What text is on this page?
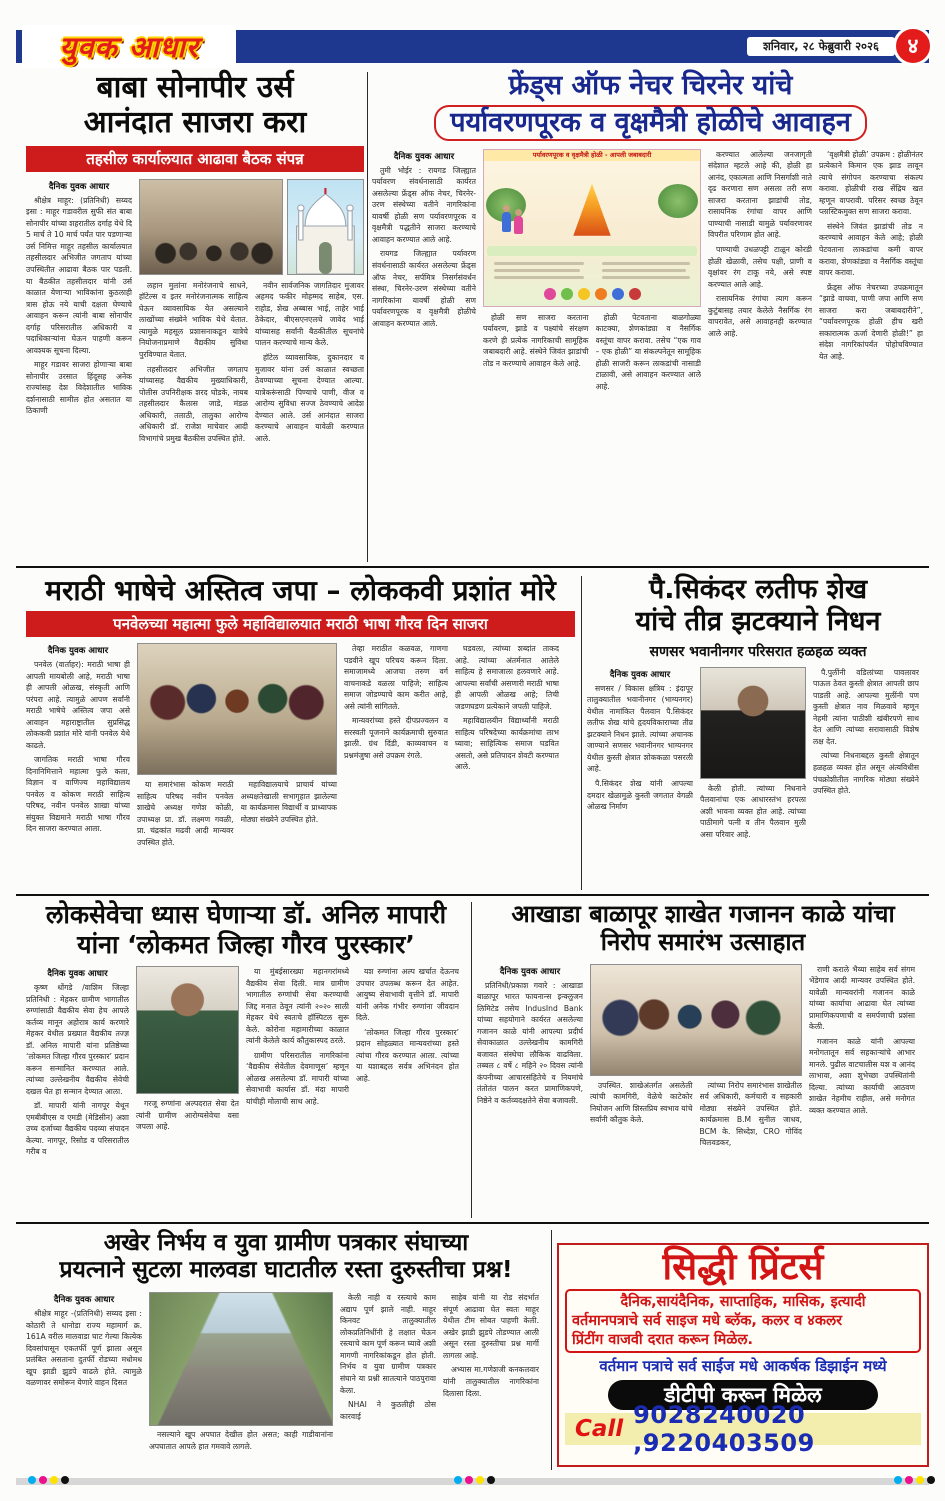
युवक आधार	शनिवार, २८ फेब्रुवारी २०२६	४
बाबा सोनापीर उर्स
आनंदात साजरा करा
तहसील कार्यालयात आढावा बैठक संपन्न
दैनिक युवक आधार

श्रीक्षेत्र माहूर: (प्रतिनिधी) सय्यद इसा : माहूर गडावरील सुफी संत बाबा सोनापीर यांच्या शहरातील दर्गाह येथे दि 5 मार्च ते 10 मार्च पर्यंत पार पडणाऱ्या उर्स निमित्त माहूर तहसील कार्यालयात तहसीलदार अभिजीत जगताप यांच्या उपस्थितीत आढावा बैठक पार पडली. या बैठकीत तहसीलदार यांनी उर्स काळात येणाऱ्या भाविकांना कुठलाही त्रास होऊ नये याची दक्षता घेण्याचे आवाहन करून त्यांनी बाबा सोनापीर दर्गाह परिसरातील अधिकारी व पदाधिकाऱ्यांना घेऊन पाहणी करून आवश्यक सूचना दिल्या.

माहूर गडावर साजरा होणाऱ्या बाबा सोनापीर उरसात हिंदूसह अनेक राज्यांसह देश विदेशातील भाविक दर्शनासाठी सामील होत असतात या ठिकाणी

लहान मुलांना मनोरंजनाचे साधने, हॉटेल्स व इतर मनोरंजनात्मक साहित्य घेऊन व्यावसायिक येत असल्याने लाखोंच्या संख्येने भाविक येथे येतात. त्यामुळे महसूल प्रशासनाकडून यात्रेचे नियोजनाप्रमाणे वैद्यकीय सुविधा पुरविण्यात येतात.

तहसीलदार अभिजीत जगताप यांच्यासह वैद्यकीय मुख्याधिकारी, पोलीस उपनिरीक्षक शरद घोडके, नायब तहसीलदार कैलास जाडे, मंडळ अधिकारी, तलाठी, तालुका आरोग्य अधिकारी डॉ. राजेश माचेवार आदी विभागांचे प्रमुख बैठकीस उपस्थित होते.

नवीन सार्वजनिक जागतिदार मुजावर अहमद फकीर मोहम्मद साहेब, एस. राहोड, शेख अब्बास भाई, ताहेर भाई ठेकेदार, बीएसएनएलचे जावेद भाई यांच्यासह सर्वांनी बैठकीतील सूचनांचे पालन करण्याचे मान्य केले.

हॉटेल व्यावसायिक, दुकानदार व मुजावर यांना उर्स काळात स्वच्छता ठेवण्याच्या सूचना देण्यात आल्या. यात्रेकरूंसाठी पिण्याचे पाणी, वीज व आरोग्य सुविधा सज्ज ठेवण्याचे आदेश देण्यात आले. उर्स आनंदात साजरा करण्याचे आवाहन यावेळी करण्यात आले.

फ्रेंड्स ऑफ नेचर चिरनेर यांचे
पर्यावरणपूरक व वृक्षमैत्री होळीचे आवाहन
दैनिक युवक आधार

तुमी भोईर : रायगड जिल्ह्यात पर्यावरण संवर्धनासाठी कार्यरत असलेल्या फ्रेंड्स ऑफ नेचर, चिरनेर-उरण संस्थेच्या वतीने नागरिकांना यावर्षी होळी सण पर्यावरणपूरक व वृक्षमैत्री पद्धतीने साजरा करण्याचे आवाहन करण्यात आले आहे.

रायगड जिल्ह्यात पर्यावरण संवर्धनासाठी कार्यरत असलेल्या फ्रेंड्स ऑफ नेचर, सर्पमित्र निसर्गसंवर्धन संस्था, चिरनेर-उरण संस्थेच्या वतीने नागरिकांना यावर्षी होळी सण पर्यावरणपूरक व वृक्षमैत्री होळीचे आवाहन करण्यात आले.

पर्यावरणपूरक व वृक्षमैत्री होळी - आपली जबाबदारी

होळी सण साजरा करताना पर्यावरण, झाडे व पक्ष्यांचे संरक्षण करणे ही प्रत्येक नागरिकाची सामूहिक जबाबदारी आहे. संस्थेने जिवंत झाडांची तोड न करण्याचे आवाहन केले आहे.

होळी पेटवताना बाळगोळ्या काटक्या, शेणकांड्या व नैसर्गिक वस्तूंचा वापर करावा. तसेच “एक गाव – एक होळी” या संकल्पनेतून सामूहिक होळी साजरी करून लाकडांची नासाडी टाळावी, असे आवाहन करण्यात आले आहे.

करण्यात आलेल्या जनजागृती संदेशात म्हटले आहे की, होळी हा आनंद, एकात्मता आणि निसर्गाशी नाते दृढ करणारा सण असला तरी सण साजरा करताना झाडांची तोड, रासायनिक रंगांचा वापर आणि पाण्याची नासाडी यामुळे पर्यावरणावर विपरीत परिणाम होत आहे.

पाण्याची उधळपट्टी टाळून कोरडी होळी खेळावी, तसेच पक्षी, प्राणी व वृक्षांवर रंग टाकू नये, असे स्पष्ट करण्यात आले आहे.

रासायनिक रंगांचा त्याग करून कुटुंबासह तयार केलेले नैसर्गिक रंग वापरावेत, असे आवाहनही करण्यात आले आहे.

‘वृक्षमैत्री होळी’ उपक्रम : होळीनंतर प्रत्येकाने किमान एक झाड लावून त्याचे संगोपन करण्याचा संकल्प करावा. होळीची राख सेंद्रिय खत म्हणून वापरावी. परिसर स्वच्छ ठेवून प्लास्टिकमुक्त सण साजरा करावा.

संस्थेने जिवंत झाडांची तोड न करण्याचे आवाहन केले आहे; होळी पेटवताना लाकडांचा कमी वापर करावा, शेणकांड्या व नैसर्गिक वस्तूंचा वापर करावा.

फ्रेंड्स ऑफ नेचरच्या उपक्रमातून “झाडे वाचवा, पाणी जपा आणि सण साजरा करा जबाबदारीने”, “पर्यावरणपूरक होळी हीच खरी सकारात्मक ऊर्जा देणारी होळी!” हा संदेश नागरिकांपर्यंत पोहोचविण्यात येत आहे.

मराठी भाषेचे अस्तित्व जपा – लोककवी प्रशांत मोरे
पनवेलच्या महात्मा फुले महाविद्यालयात मराठी भाषा गौरव दिन साजरा
दैनिक युवक आधार

पनवेल (वार्ताहर): मराठी भाषा ही आपली मायबोली आहे, मराठी भाषा ही आपली ओळख, संस्कृती आणि परंपरा आहे. त्यामुळे आपण सर्वांनी मराठी भाषेचे अस्तित्व जपा असे आवाहन महाराष्ट्रातील सुप्रसिद्ध लोककवी प्रशांत मोरे यांनी पनवेल येथे काढले.

जागतिक मराठी भाषा गौरव दिनानिमित्ताने महात्मा फुले कला, विज्ञान व वाणिज्य महाविद्यालय पनवेल व कोकण मराठी साहित्य परिषद, नवीन पनवेल शाखा यांच्या संयुक्त विद्यमाने मराठी भाषा गौरव दिन साजरा करण्यात आला.

या समारंभास कोकण मराठी साहित्य परिषद नवीन पनवेल शाखेचे अध्यक्ष गणेश कोळी, उपाध्यक्ष प्रा. डॉ. लक्ष्मण गवळी, प्रा. चंद्रकांत मढवी आदी मान्यवर उपस्थित होते.

महाविद्यालयाचे प्राचार्य यांच्या अध्यक्षतेखाली सभागृहात झालेल्या या कार्यक्रमास विद्यार्थी व प्राध्यापक मोठ्या संख्येने उपस्थित होते.

तेव्हा मराठीत कळवळ, गाणगा पडवीने खूप परिचय करून दिला. समाजामध्ये आजचा तरुण वर्ग वाचनाकडे वळला पाहिजे; साहित्य समाज जोडण्याचे काम करीत आहे, असे त्यांनी सांगितले.

मान्यवरांच्या हस्ते दीपप्रज्वलन व सरस्वती पूजनाने कार्यक्रमाची सुरुवात झाली. ग्रंथ दिंडी, काव्यवाचन व प्रश्नमंजुषा असे उपक्रम रंगले.

घडवला, त्यांच्या शब्दांत ताकद आहे. त्यांच्या अंतर्मनात आलेले साहित्य हे समाजाला हलवणारे आहे. आपल्या सर्वांची असणारी मराठी भाषा ही आपली ओळख आहे; तिची जडणघडण प्रत्येकाने जपली पाहिजे.

महाविद्यालयीन विद्यार्थ्यांनी मराठी साहित्य परिषदेच्या कार्यक्रमांचा लाभ घ्यावा; साहित्यिक समाज घडवित असतो, असे प्रतिपादन शेवटी करण्यात आले.

पै.सिकंदर लतीफ शेख
यांचे तीव्र झटक्याने निधन
सणसर भवानीनगर परिसरात हळहळ व्यक्त
दैनिक युवक आधार

सणसर / विकास क्षत्रिय : इंदापूर तालुक्यातील भवानीनगर (भाग्यनगर) येथील नामांकित पैलवान पै.सिकंदर लतीफ शेख यांचे हृदयविकाराच्या तीव्र झटक्याने निधन झाले. त्यांच्या अचानक जाण्याने सणसर भवानीनगर भाग्यनगर येथील कुस्ती क्षेत्रात शोककळा पसरली आहे.

पै.सिकंदर शेख यांनी आपल्या दमदार खेळामुळे कुस्ती जगतात वेगळी ओळख निर्माण

केली होती. त्यांच्या निधनाने पैलवानांचा एक आधारस्तंभ हरपला अशी भावना व्यक्त होत आहे. त्यांच्या पाठीमागे पत्नी व तीन पैलवान मुली असा परिवार आहे.

पै.पुलींनी वडिलांच्या पावलावर पाऊल ठेवत कुस्ती क्षेत्रात आपली छाप पाडली आहे. आपल्या मुलींनी पण कुस्ती क्षेत्रात नाव मिळवावे म्हणून नेहमी त्यांना पाठीशी खंबीरपणे साथ देत आणि त्यांच्या सरावासाठी विशेष लक्ष देत.

त्यांच्या निधनाबद्दल कुस्ती क्षेत्रातून हळहळ व्यक्त होत असून अंत्यविधीस पंचक्रोशीतील नागरिक मोठ्या संख्येने उपस्थित होते.

लोकसेवेचा ध्यास घेणाऱ्या डॉ. अनिल मापारी
यांना ‘लोकमत जिल्हा गौरव पुरस्कार’
दैनिक युवक आधार

कृष्ण धोंगडे /वाशिम जिल्हा प्रतिनिधी : मेहकर ग्रामीण भागातील रुग्णांसाठी वैद्यकीय सेवा हेच आपले कर्तव्य मानून अहोरात्र कार्य करणारे मेहकर येथील प्रख्यात वैद्यकीय तज्ज्ञ डॉ. अनिल मापारी यांना प्रतिष्ठेच्या ‘लोकमत जिल्हा गौरव पुरस्कार’ प्रदान करून सन्मानित करण्यात आले. त्यांच्या उल्लेखनीय वैद्यकीय सेवेची दखल घेत हा सन्मान देण्यात आला.

डॉ. मापारी यांनी नागपूर येथून एमबीबीएस व एमडी (मेडिसीन) अशा उच्च दर्जाच्या वैद्यकीय पदव्या संपादन केल्या. नागपूर, रिसोड व परिसरातील गरीब व

गरजू रुग्णांना अल्पदरात सेवा देत त्यांनी ग्रामीण आरोग्यसेवेचा वसा जपला आहे.

या मुंबईसारख्या महानगरांमध्ये वैद्यकीय सेवा दिली. मात्र ग्रामीण भागातील रुग्णांची सेवा करण्याची जिद्द मनात ठेवून त्यांनी २०२० साली मेहकर येथे स्वतःचे हॉस्पिटल सुरू केले. कोरोना महामारीच्या काळात त्यांनी केलेले कार्य कौतुकास्पद ठरले.

ग्रामीण परिसरातील नागरिकांना ‘वैद्यकीय सेवेतील देवमाणूस’ म्हणून ओळख असलेल्या डॉ. मापारी यांच्या सेवाभावी कार्यास डॉ. मंदा मापारी यांचीही मोलाची साथ आहे.

यश रुग्णांना अल्प खर्चात देऊनच उपचार उपलब्ध करून देत आहेत. आयुष्य सेवाभावी वृत्तीने डॉ. मापारी यांनी अनेक गंभीर रुग्णांना जीवदान दिले.

‘लोकमत जिल्हा गौरव पुरस्कार’ प्रदान सोहळ्यात मान्यवरांच्या हस्ते त्यांचा गौरव करण्यात आला. त्यांच्या या यशाबद्दल सर्वत्र अभिनंदन होत आहे.

आखाडा बाळापूर शाखेत गजानन काळे यांचा
निरोप समारंभ उत्साहात
दैनिक युवक आधार

प्रतिनिधी/प्रकाश गवारे : आखाडा बाळापूर भारत फायनान्स इन्क्लुजन लिमिटेड तसेच IndusInd Bank यांच्या सहयोगाने कार्यरत असलेल्या गजानन काळे यांनी आपल्या प्रदीर्घ सेवाकाळात उल्लेखनीय कामगिरी बजावत संस्थेचा लौकिक वाढविला. तब्बल ८ वर्षे ८ महिने २० दिवस त्यांनी कंपनीच्या आचारसंहितेचे व नियमांचे तंतोतंत पालन करत प्रामाणिकपणे, निष्ठेने व कर्तव्यदक्षतेने सेवा बजावली.

उपस्थित. शाखेअंतर्गत असलेली त्यांची कामगिरी, वेळेचे काटेकोर नियोजन आणि शिस्तप्रिय स्वभाव यांचे सर्वांनी कौतुक केले.

त्यांच्या निरोप समारंभास शाखेतील सर्व अधिकारी, कर्मचारी व सहकारी मोठ्या संख्येने उपस्थित होते. कार्यक्रमास B.M सुनील जाधव, BCM के. सिध्देश, CRO गोविंद चिलवडकर,

राणी कराले भैय्या साहेब सर्व संगम भेंडेगाव आदी मान्यवर उपस्थित होते. यावेळी मान्यवरांनी गजानन काळे यांच्या कार्याचा आढावा घेत त्यांच्या प्रामाणिकपणाची व समर्पणाची प्रशंसा केली.

गजानन काळे यांनी आपल्या मनोगतातून सर्व सहकाऱ्यांचे आभार मानले. पुढील वाटचालीस यश व आनंद लाभावा, अशा शुभेच्छा उपस्थितांनी दिल्या. त्यांच्या कार्याची आठवण शाखेत नेहमीच राहील, असे मनोगत व्यक्त करण्यात आले.

अखेर निर्भय व युवा ग्रामीण पत्रकार संघाच्या
प्रयत्नाने सुटला मालवडा घाटातील रस्ता दुरुस्तीचा प्रश्न!
दैनिक युवक आधार

श्रीक्षेत्र माहूर -(प्रतिनिधी) सय्यद इसा : कोठारी ते धानोडा राज्य महामार्ग क्र. 161A वरील मालवाडा घाट गेल्या कित्येक दिवसांपासून एकतर्फी पूर्ण झाला असून प्रलंबित असताना दुतर्फी रोडच्या मधोमध खूप झाडी झुडपे वाढले होते. त्यामुळे वळणावर समोरून येणारे वाहन दिसत

नसल्याने खूप अपघात देखील होत असत; काही गाडीवानांना अपघातात आपले हात गमवावे लागले.

केली नाही व रस्त्याचे काम अद्याप पूर्ण झाले नाही. माहूर किनवट तालुक्यातील लोकप्रतिनिधींनी हे लक्षात घेऊन रस्त्याचे काम पूर्ण करून घ्यावे अशी मागणी नागरिकांकडून होत होती. निर्भय व युवा ग्रामीण पत्रकार संघाने या प्रश्नी सातत्याने पाठपुरावा केला.

NHAI ने कुठलीही ठोस कारवाई

साहेब यांनी या रोड संदर्भात संपूर्ण आढावा घेत स्वतः माहूर येथील टीम सोबत पाहणी केली. अखेर झाडी झुडपे तोडण्यात आली असून रस्ता दुरुस्तीचा प्रश्न मार्गी लागला आहे.

अभ्यास मा.गणेशजी कनकलवार यांनी तालुक्यातील नागरिकांना दिलासा दिला.

सिद्धी प्रिंटर्स
दैनिक,सायंदैनिक, साप्ताहिक, मासिक, इत्यादी
वर्तमानपत्राचे सर्व साइज मधे ब्लॅक, कलर व ४कलर
प्रिंटींग वाजवी दरात करून मिळेल.
वर्तमान पत्राचे सर्व साईज मधे आकर्षक डिझाईन मध्ये
डीटीपी करून मिळेल
Call 9028240020 ,9220403509
